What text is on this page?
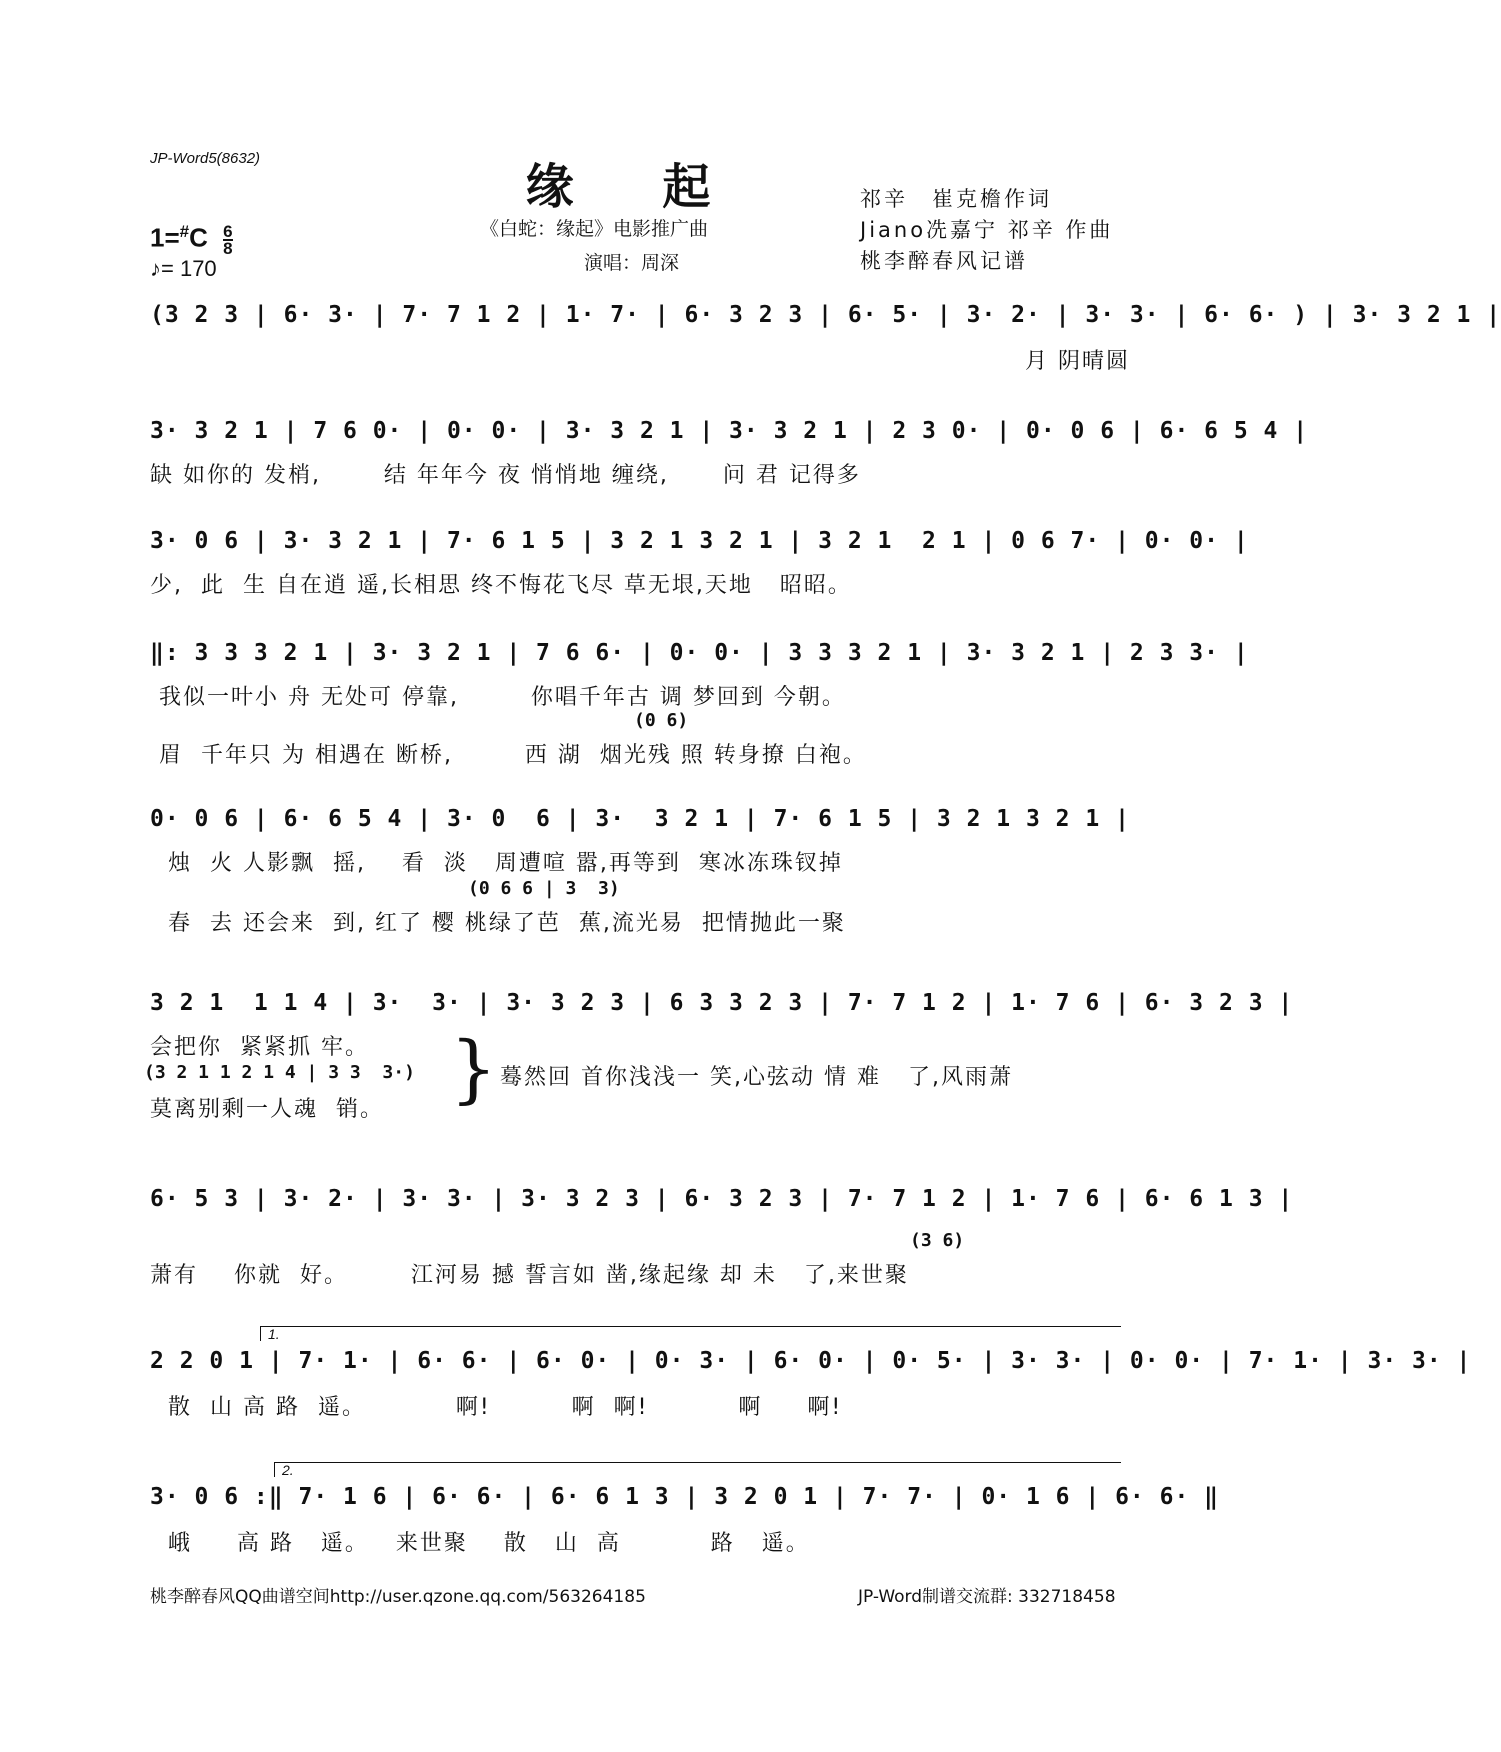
JP-Word5(8632)
缘 起
《白蛇：缘起》电影推广曲
演唱：周深
祁辛　崔克檐作词
Jiano冼嘉宁 祁辛 作曲
桃李醉春风记谱
$1=^{\#}C \frac{6}{8}$
♪= 170
(3 2 3 | 6· 3· | 7· 7 1 2 | 1· 7· | 6· 3 2 3 | 6· 5· | 3· 2· | 3· 3· | 6· 6· ) | 3· 3 2 1 |
月 阴晴圆
3· 3 2 1 | 7 6 0· | 0· 0· | 3· 3 2 1 | 3· 3 2 1 | 2 3 0· | 0· 0 6 | 6· 6 5 4 |
缺 如你的 发梢,       结 年年今 夜 悄悄地 缠绕,      问 君 记得多
3· 0 6 | 3· 3 2 1 | 7· 6 1 5 | 3 2 1 3 2 1 | 3 2 1  2 1 | 0 6 7· | 0· 0· |
少,  此  生 自在逍 遥,长相思 终不悔花飞尽 草无垠,天地   昭昭。
‖: 3 3 3 2 1 | 3· 3 2 1 | 7 6 6· | 0· 0· | 3 3 3 2 1 | 3· 3 2 1 | 2 3 3· |
我似一叶小 舟 无处可 停靠,        你唱千年古 调 梦回到 今朝。
(0 6)
眉  千年只 为 相遇在 断桥,        西 湖  烟光残 照 转身撩 白袍。
0· 0 6 | 6· 6 5 4 | 3· 0  6 | 3·  3 2 1 | 7· 6 1 5 | 3 2 1 3 2 1 |
烛  火 人影飘  摇,    看  淡   周遭喧 嚣,再等到  寒冰冻珠钗掉
(0 6 6 | 3  3)
春  去 还会来  到, 红了 樱 桃绿了芭  蕉,流光易  把情抛此一聚
3 2 1  1 1 4 | 3·  3· | 3· 3 2 3 | 6 3 3 2 3 | 7· 7 1 2 | 1· 7 6 | 6· 3 2 3 |
会把你  紧紧抓 牢。
(3 2 1 1 2 1 4 | 3 3  3·)
莫离别剩一人魂  销。 } 蓦然回 首你浅浅一 笑,心弦动 情 难   了,风雨萧
6· 5 3 | 3· 2· | 3· 3· | 3· 3 2 3 | 6· 3 2 3 | 7· 7 1 2 | 1· 7 6 | 6· 6 1 3 |
(3 6)
萧有    你就  好。       江河易 撼 誓言如 凿,缘起缘 却 未   了,来世聚
1.
2 2 0 1 | 7· 1· | 6· 6· | 6· 0· | 0· 3· | 6· 0· | 0· 5· | 3· 3· | 0· 0· | 7· 1· | 3· 3· |
散  山 高 路  遥。          啊!         啊  啊!          啊     啊!
2.
3· 0 6 :‖ 7· 1 6 | 6· 6· | 6· 6 1 3 | 3 2 0 1 | 7· 7· | 0· 1 6 | 6· 6· ‖
峨     高 路   遥。   来世聚    散   山  高          路   遥。
桃李醉春风QQ曲谱空间http://user.qzone.qq.com/563264185	JP-Word制谱交流群: 332718458
